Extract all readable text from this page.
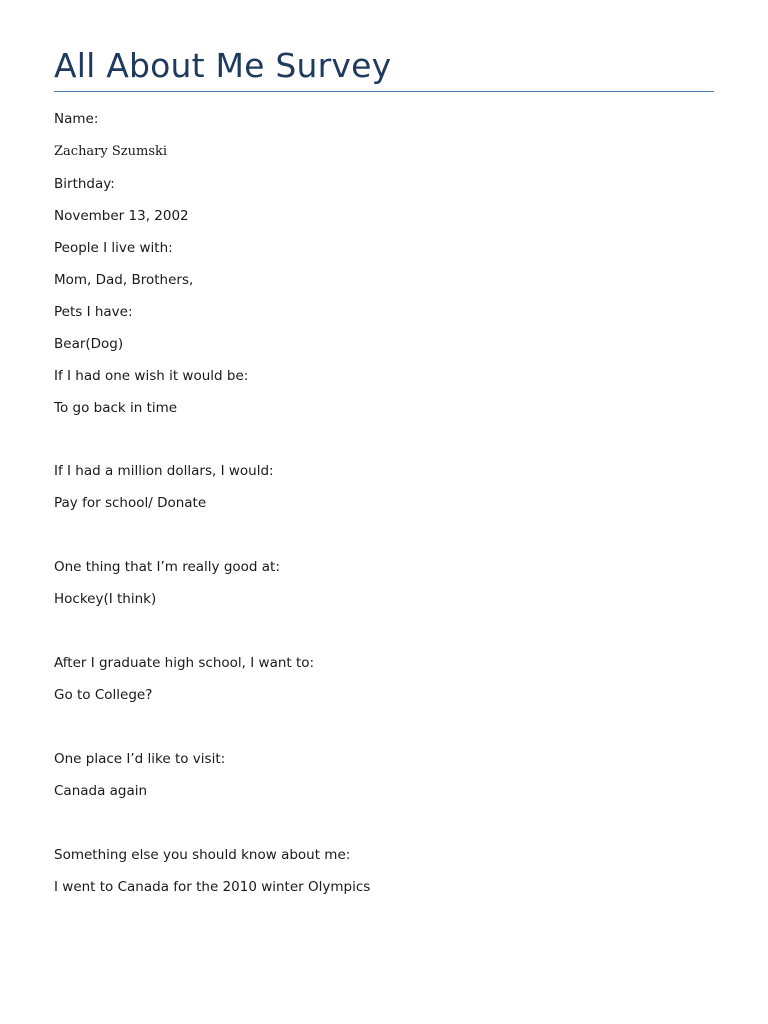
All About Me Survey

Name:

Zachary Szumski

Birthday:

November 13, 2002

People I live with:

Mom, Dad, Brothers,

Pets I have:

Bear(Dog)

If I had one wish it would be:

To go back in time

If I had a million dollars, I would:

Pay for school/ Donate

One thing that I’m really good at:

Hockey(I think)

After I graduate high school, I want to:

Go to College?

One place I’d like to visit:

Canada again

Something else you should know about me:

I went to Canada for the 2010 winter Olympics
